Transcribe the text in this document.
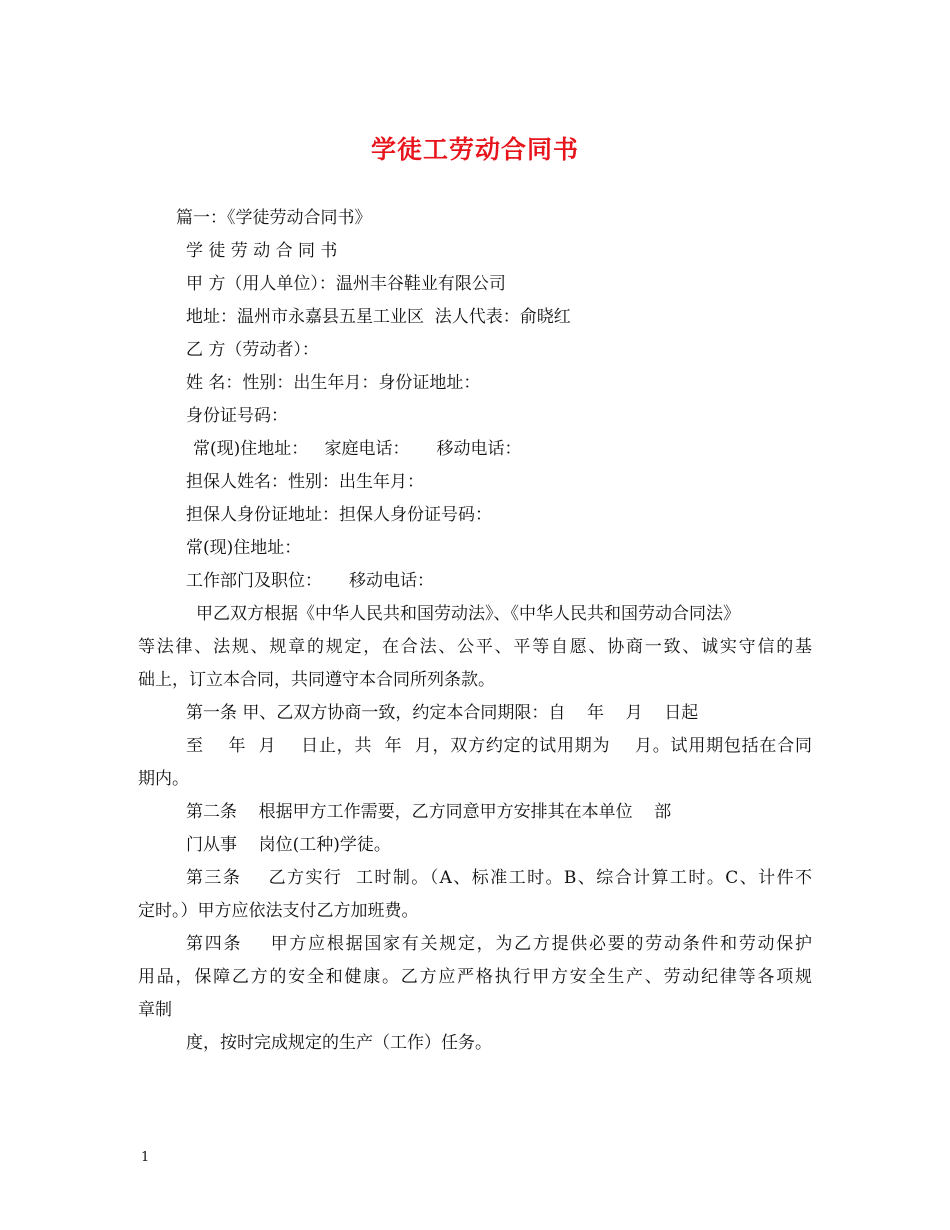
学徒工劳动合同书

篇一：《学徒劳动合同书》

学 徒 劳 动 合 同 书

甲 方（用人单位）：温州丰谷鞋业有限公司

地址：温州市永嘉县五星工业区  法人代表：俞晓红

乙 方（劳动者）：

姓 名：性别：出生年月：身份证地址：

身份证号码：

常(现)住地址：   家庭电话：     移动电话：

担保人姓名：性别：出生年月：

担保人身份证地址：担保人身份证号码：

常(现)住地址：

工作部门及职位：     移动电话：

甲乙双方根据《中华人民共和国劳动法》、《中华人民共和国劳动合同法》

等法律、法规、规章的规定，在合法、公平、平等自愿、协商一致、诚实守信的基

础上，订立本合同，共同遵守本合同所列条款。

第一条 甲、乙双方协商一致，约定本合同期限：自    年    月    日起

至    年  月    日止，共  年  月，双方约定的试用期为    月。试用期包括在合同

期内。

第二条    根据甲方工作需要，乙方同意甲方安排其在本单位    部

门从事    岗位(工种)学徒。

第三条    乙方实行  工时制。（A、标准工时。B、综合计算工时。C、计件不

定时。）甲方应依法支付乙方加班费。

第四条    甲方应根据国家有关规定，为乙方提供必要的劳动条件和劳动保护

用品，保障乙方的安全和健康。乙方应严格执行甲方安全生产、劳动纪律等各项规

章制

度，按时完成规定的生产（工作）任务。

1
